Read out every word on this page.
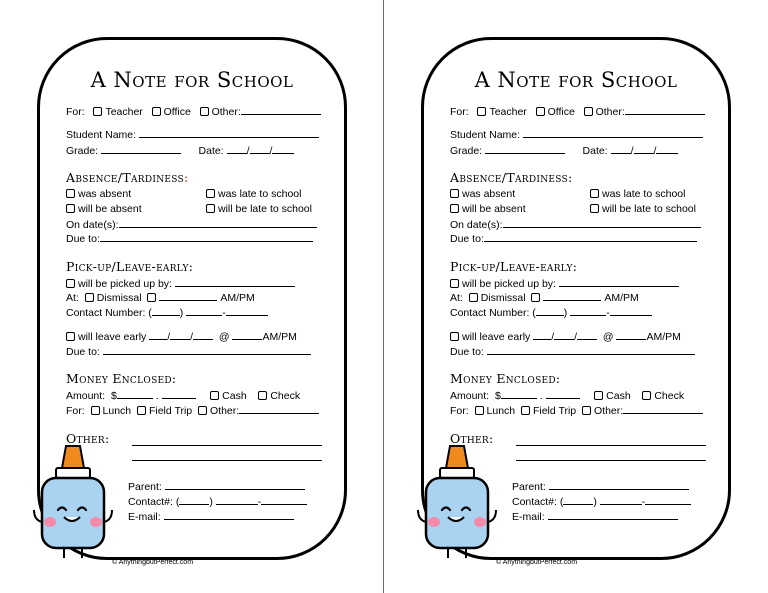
A Note for School
For: Teacher Office Other:
Student Name:
Grade:	Date: / /
Absence/Tardiness:
was absent	was late to school
will be absent	will be late to school
On date(s):
Due to:
Pick-up/Leave-early:
will be picked up by:
At: Dismissal	AM/PM
Contact Number: (	)	-
will leave early / / @	AM/PM
Due to:
Money Enclosed:
Amount: $	.	Cash Check
For: Lunch Field Trip Other:
Other:
Parent:
Contact#: (	)	-
E-mail:
© AnythingbutPerfect.com
A Note for School
For: Teacher Office Other:
Student Name:
Grade:	Date: / /
Absence/Tardiness:
was absent	was late to school
will be absent	will be late to school
On date(s):
Due to:
Pick-up/Leave-early:
will be picked up by:
At: Dismissal	AM/PM
Contact Number: (	)	-
will leave early / / @	AM/PM
Due to:
Money Enclosed:
Amount: $	.	Cash Check
For: Lunch Field Trip Other:
Other:
Parent:
Contact#: (	)	-
E-mail:
© AnythingbutPerfect.com
